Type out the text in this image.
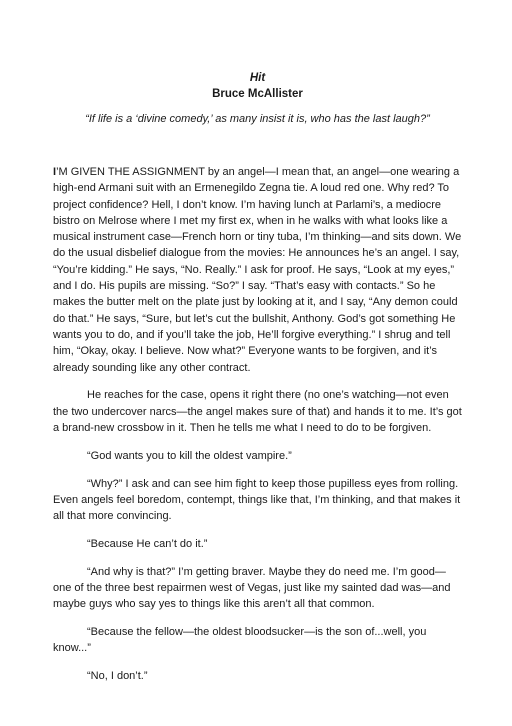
Hit

Bruce McAllister

“If life is a ‘divine comedy,’ as many insist it is, who has the last laugh?”

I’M GIVEN THE ASSIGNMENT by an angel—I mean that, an angel—one wearing a high-end Armani suit with an Ermenegildo Zegna tie. A loud red one. Why red? To project confidence? Hell, I don’t know. I’m having lunch at Parlami’s, a mediocre bistro on Melrose where I met my first ex, when in he walks with what looks like a musical instrument case—French horn or tiny tuba, I’m thinking—and sits down. We do the usual disbelief dialogue from the movies: He announces he’s an angel. I say, “You’re kidding.” He says, “No. Really.” I ask for proof. He says, “Look at my eyes,” and I do. His pupils are missing. “So?” I say. “That’s easy with contacts.” So he makes the butter melt on the plate just by looking at it, and I say, “Any demon could do that.” He says, “Sure, but let’s cut the bullshit, Anthony. God’s got something He wants you to do, and if you’ll take the job, He’ll forgive everything.” I shrug and tell him, “Okay, okay. I believe. Now what?” Everyone wants to be forgiven, and it’s already sounding like any other contract.

He reaches for the case, opens it right there (no one’s watching—not even the two undercover narcs—the angel makes sure of that) and hands it to me. It’s got a brand-new crossbow in it. Then he tells me what I need to do to be forgiven.

“God wants you to kill the oldest vampire.”

“Why?” I ask and can see him fight to keep those pupilless eyes from rolling. Even angels feel boredom, contempt, things like that, I’m thinking, and that makes it all that more convincing.

“Because He can’t do it.”

“And why is that?” I’m getting braver. Maybe they do need me. I’m good—one of the three best repairmen west of Vegas, just like my sainted dad was—and maybe guys who say yes to things like this aren’t all that common.

“Because the fellow—the oldest bloodsucker—is the son of...well, you know...”

“No, I don’t.”
